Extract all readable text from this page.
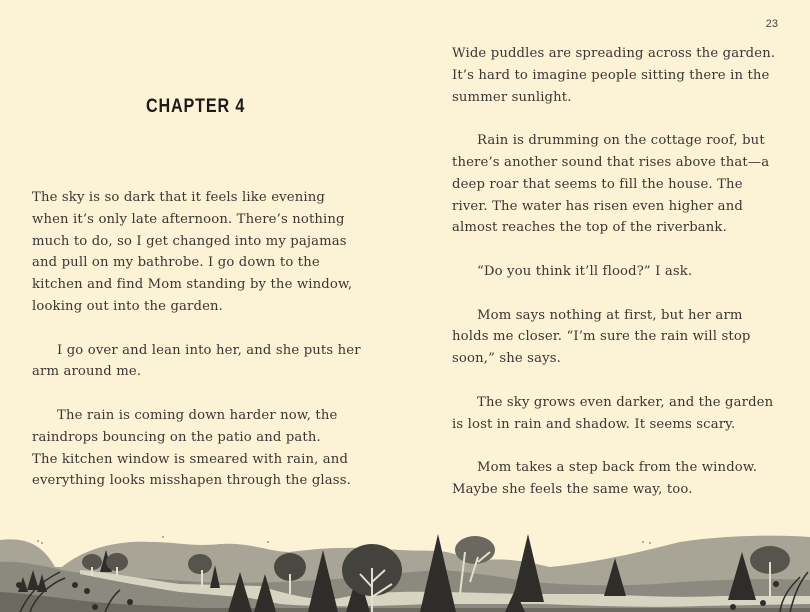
23
CHAPTER 4
The sky is so dark that it feels like evening
when it’s only late afternoon. There’s nothing
much to do, so I get changed into my pajamas
and pull on my bathrobe. I go down to the
kitchen and find Mom standing by the window,
looking out into the garden.
I go over and lean into her, and she puts her
arm around me.
The rain is coming down harder now, the
raindrops bouncing on the patio and path.
The kitchen window is smeared with rain, and
everything looks misshapen through the glass.
Wide puddles are spreading across the garden.
It’s hard to imagine people sitting there in the
summer sunlight.
Rain is drumming on the cottage roof, but
there’s another sound that rises above that—a
deep roar that seems to fill the house. The
river. The water has risen even higher and
almost reaches the top of the riverbank.
“Do you think it’ll flood?” I ask.
Mom says nothing at first, but her arm
holds me closer. “I’m sure the rain will stop
soon,” she says.
The sky grows even darker, and the garden
is lost in rain and shadow. It seems scary.
Mom takes a step back from the window.
Maybe she feels the same way, too.
